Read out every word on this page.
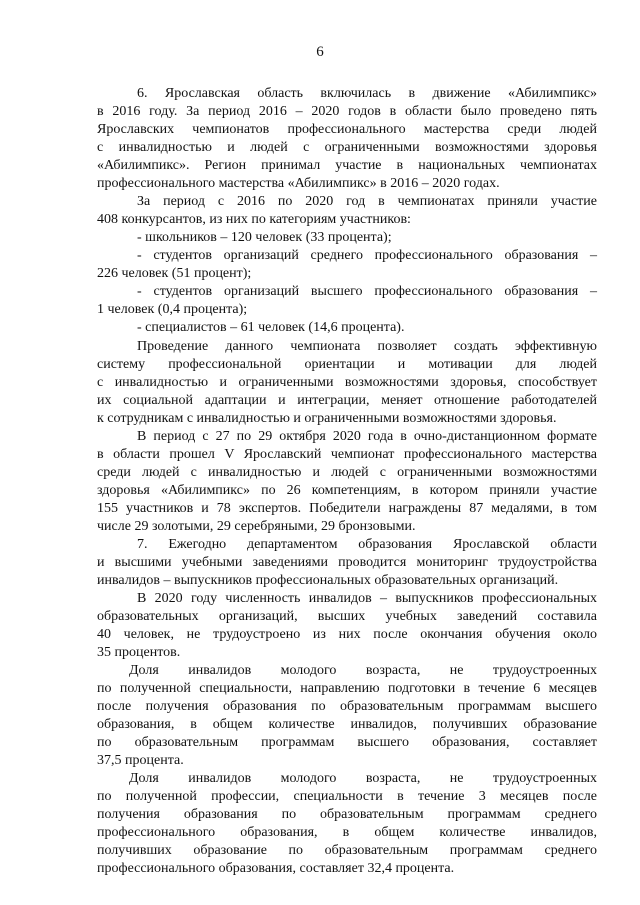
6
6. Ярославская область включилась в движение «Абилимпикс»
в 2016 году. За период 2016 – 2020 годов в области было проведено пять
Ярославских чемпионатов профессионального мастерства среди людей
с инвалидностью и людей с ограниченными возможностями здоровья
«Абилимпикс». Регион принимал участие в национальных чемпионатах
профессионального мастерства «Абилимпикс» в 2016 – 2020 годах.
За период с 2016 по 2020 год в чемпионатах приняли участие
408 конкурсантов, из них по категориям участников:
- школьников – 120 человек (33 процента);
- студентов организаций среднего профессионального образования –
226 человек (51 процент);
- студентов организаций высшего профессионального образования –
1 человек (0,4 процента);
- специалистов – 61 человек (14,6 процента).
Проведение данного чемпионата позволяет создать эффективную
систему профессиональной ориентации и мотивации для людей
с инвалидностью и ограниченными возможностями здоровья, способствует
их социальной адаптации и интеграции, меняет отношение работодателей
к сотрудникам с инвалидностью и ограниченными возможностями здоровья.
В период с 27 по 29 октября 2020 года в очно-дистанционном формате
в области прошел V Ярославский чемпионат профессионального мастерства
среди людей с инвалидностью и людей с ограниченными возможностями
здоровья «Абилимпикс» по 26 компетенциям, в котором приняли участие
155 участников и 78 экспертов. Победители награждены 87 медалями, в том
числе 29 золотыми, 29 серебряными, 29 бронзовыми.
7. Ежегодно департаментом образования Ярославской области
и высшими учебными заведениями проводится мониторинг трудоустройства
инвалидов – выпускников профессиональных образовательных организаций.
В 2020 году численность инвалидов – выпускников профессиональных
образовательных организаций, высших учебных заведений составила
40 человек, не трудоустроено из них после окончания обучения около
35 процентов.
Доля инвалидов молодого возраста, не трудоустроенных
по полученной специальности, направлению подготовки в течение 6 месяцев
после получения образования по образовательным программам высшего
образования, в общем количестве инвалидов, получивших образование
по образовательным программам высшего образования, составляет
37,5 процента.
Доля инвалидов молодого возраста, не трудоустроенных
по полученной профессии, специальности в течение 3 месяцев после
получения образования по образовательным программам среднего
профессионального образования, в общем количестве инвалидов,
получивших образование по образовательным программам среднего
профессионального образования, составляет 32,4 процента.
